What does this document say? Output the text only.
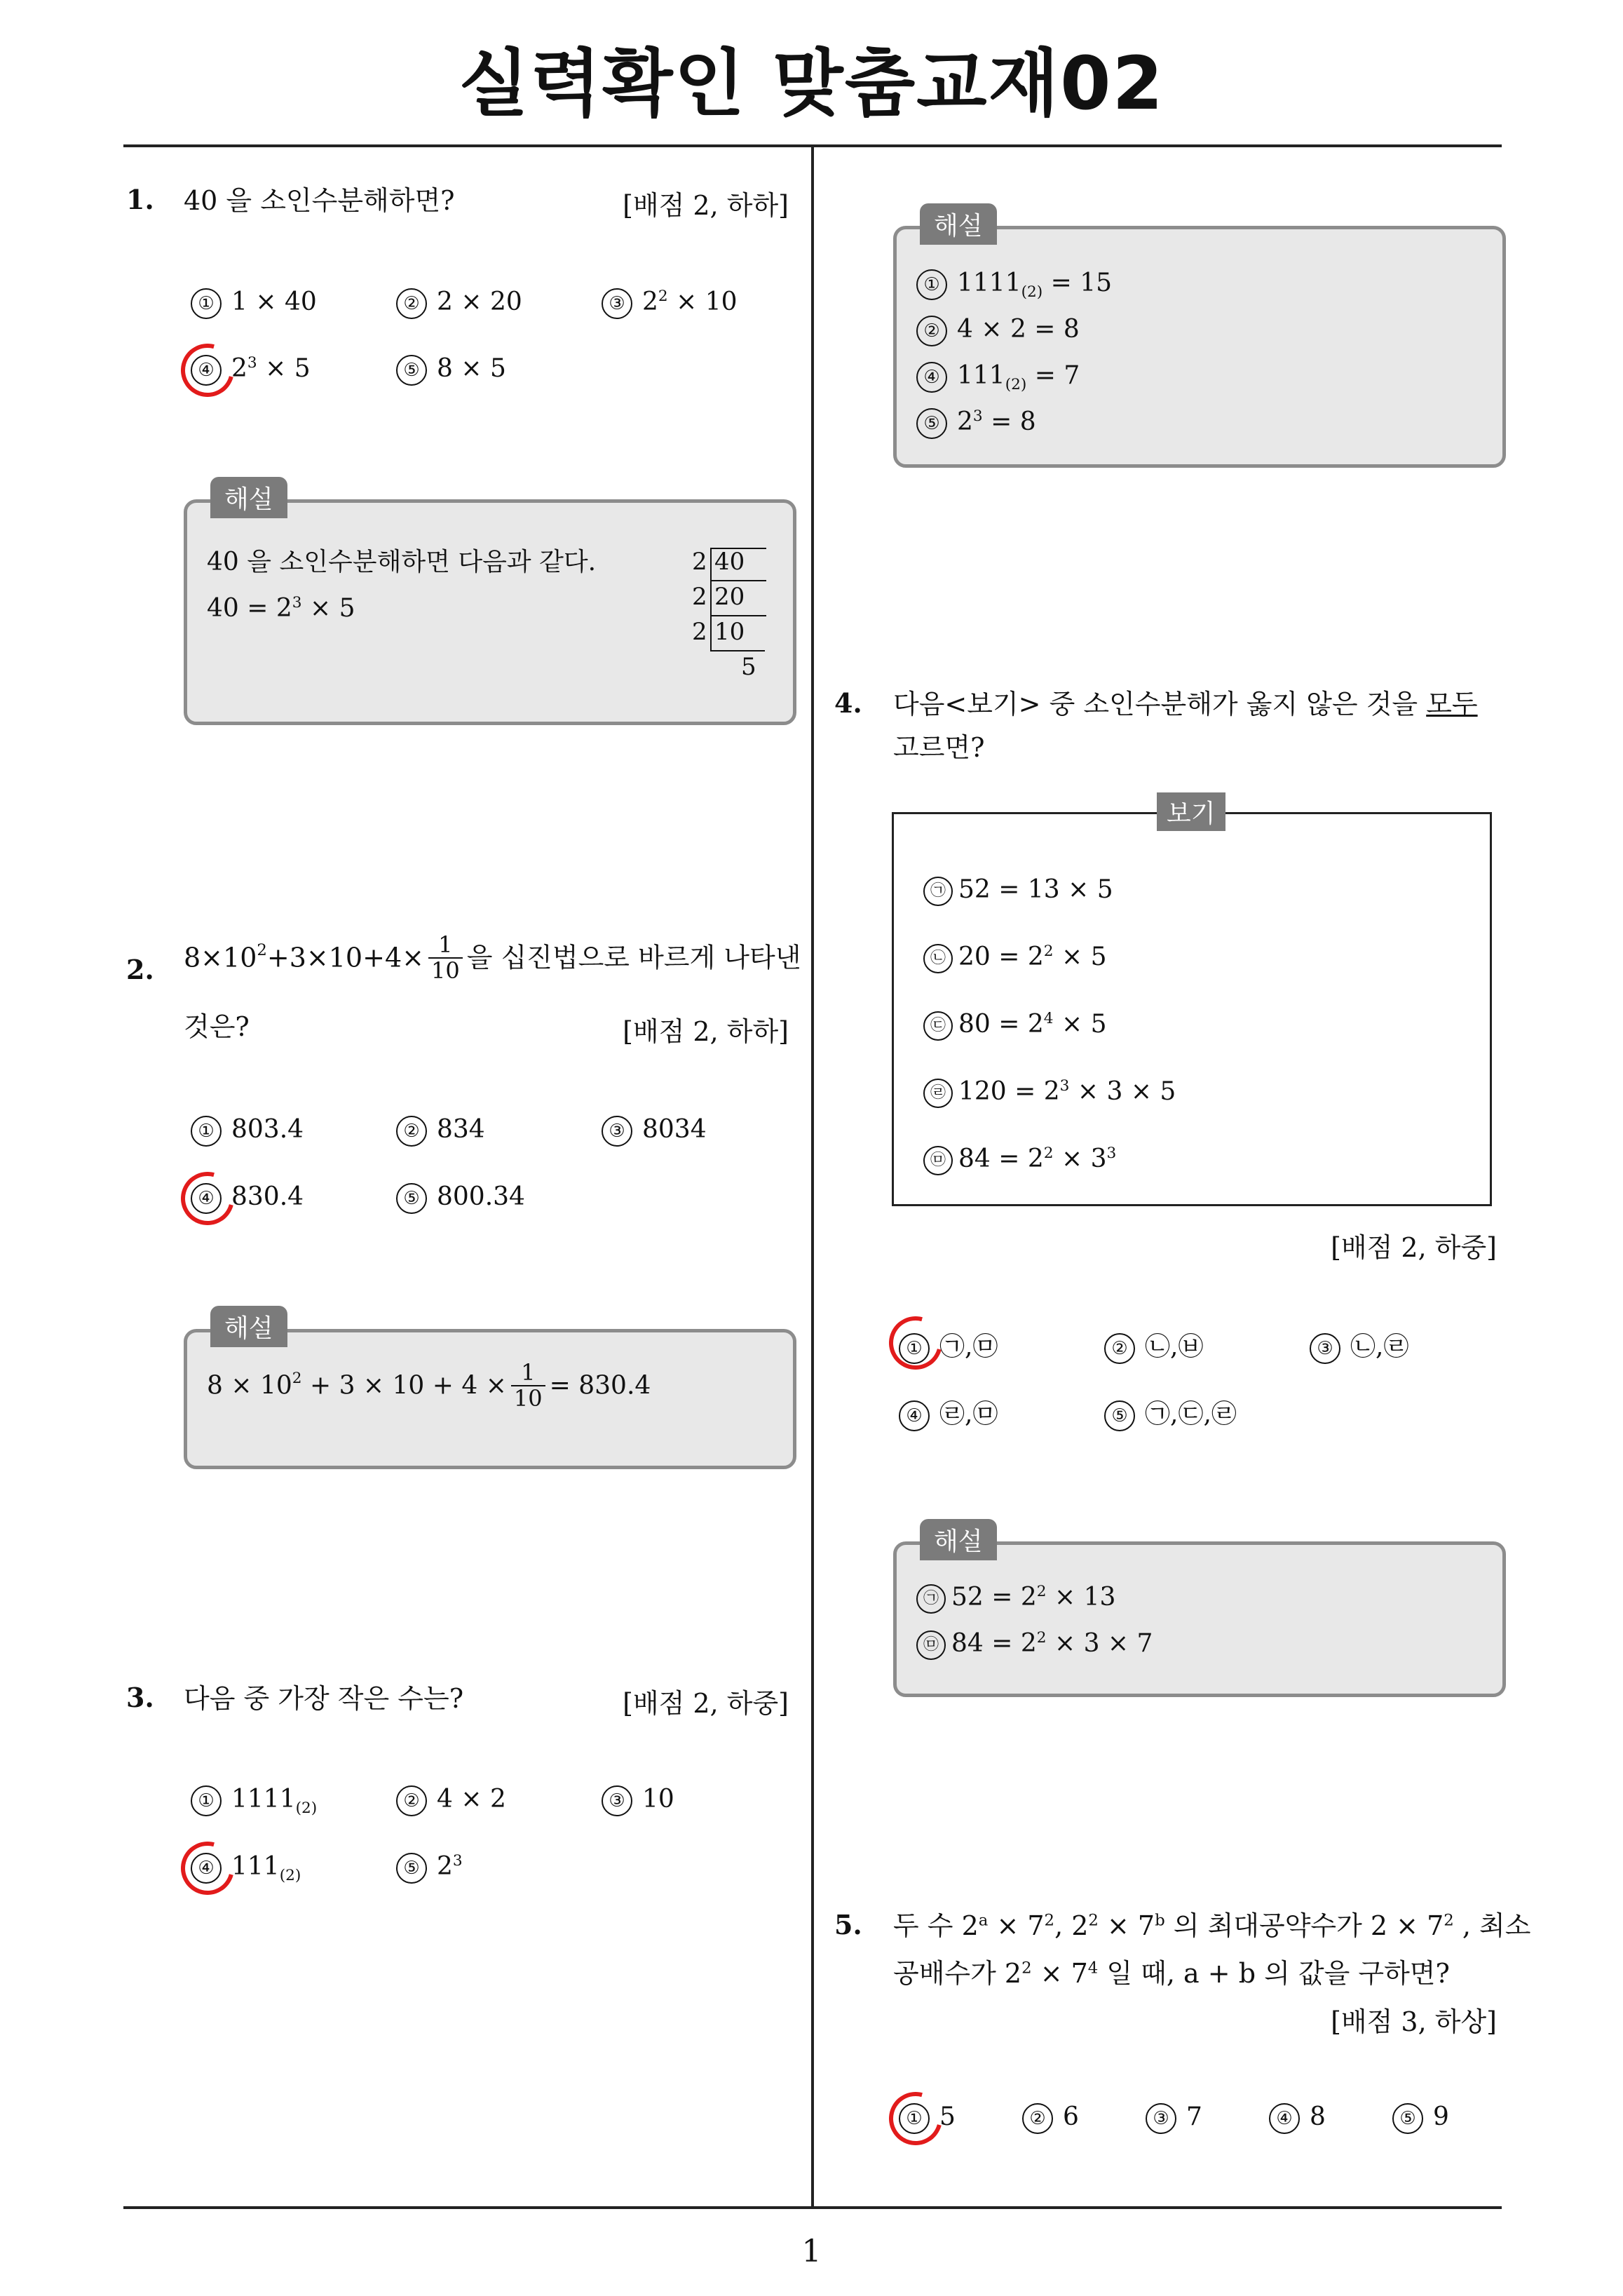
실력확인 맞춤교재02
1. 40 을 소인수분해하면?	[배점 2, 하하]
① 1 × 40	② 2 × 20	③ $2^2 \times 10$
④ $2^3 \times 5$	⑤ 8 × 5
40 을 소인수분해하면 다음과 같다.
$40 = 2^3 \times 5$
2 40
2 20
2 10
5
해설
2. $8\times 10^2+3\times 10+4\times \frac{1}{10}$ 을 십진법으로 바르게 나타낸
것은?	[배점 2, 하하]
① 803.4	② 834	③ 8034
④ 830.4	⑤ 800.34
$8 \times 10^2 + 3 \times 10 + 4 \times \frac{1}{10} = 830.4$
해설
3. 다음 중 가장 작은 수는?	[배점 2, 하중]
① $1111_{(2)}$	② 4 × 2	③ 10
④ $111_{(2)}$	⑤ $2^3$
① $1111_{(2)} = 15$
② 4 × 2 = 8
④ $111_{(2)} = 7$
⑤ $2^3 = 8$
해설
4. 다음<보기> 중 소인수분해가 옳지 않은 것을 모두
고르면?
㉠ 52 = 13 × 5
㉡ $20 = 2^2 \times 5$
㉢ $80 = 2^4 \times 5$
㉣ $120 = 2^3 \times 3 \times 5$
㉤ $84 = 2^2 \times 3^3$
보기
[배점 2, 하중]
① ㉠,㉤	② ㉡,㉥	③ ㉡,㉣
④ ㉣,㉤	⑤ ㉠,㉢,㉣
㉠ $52 = 2^2 \times 13$
㉤ $84 = 2^2 \times 3 \times 7$
해설
5. 두 수 $2^a \times 7^2$, $2^2 \times 7^b$ 의 최대공약수가 $2 \times 7^2$ , 최소
공배수가 $2^2 \times 7^4$ 일 때, a + b 의 값을 구하면?
[배점 3, 하상]
① 5	② 6	③ 7	④ 8	⑤ 9
1
